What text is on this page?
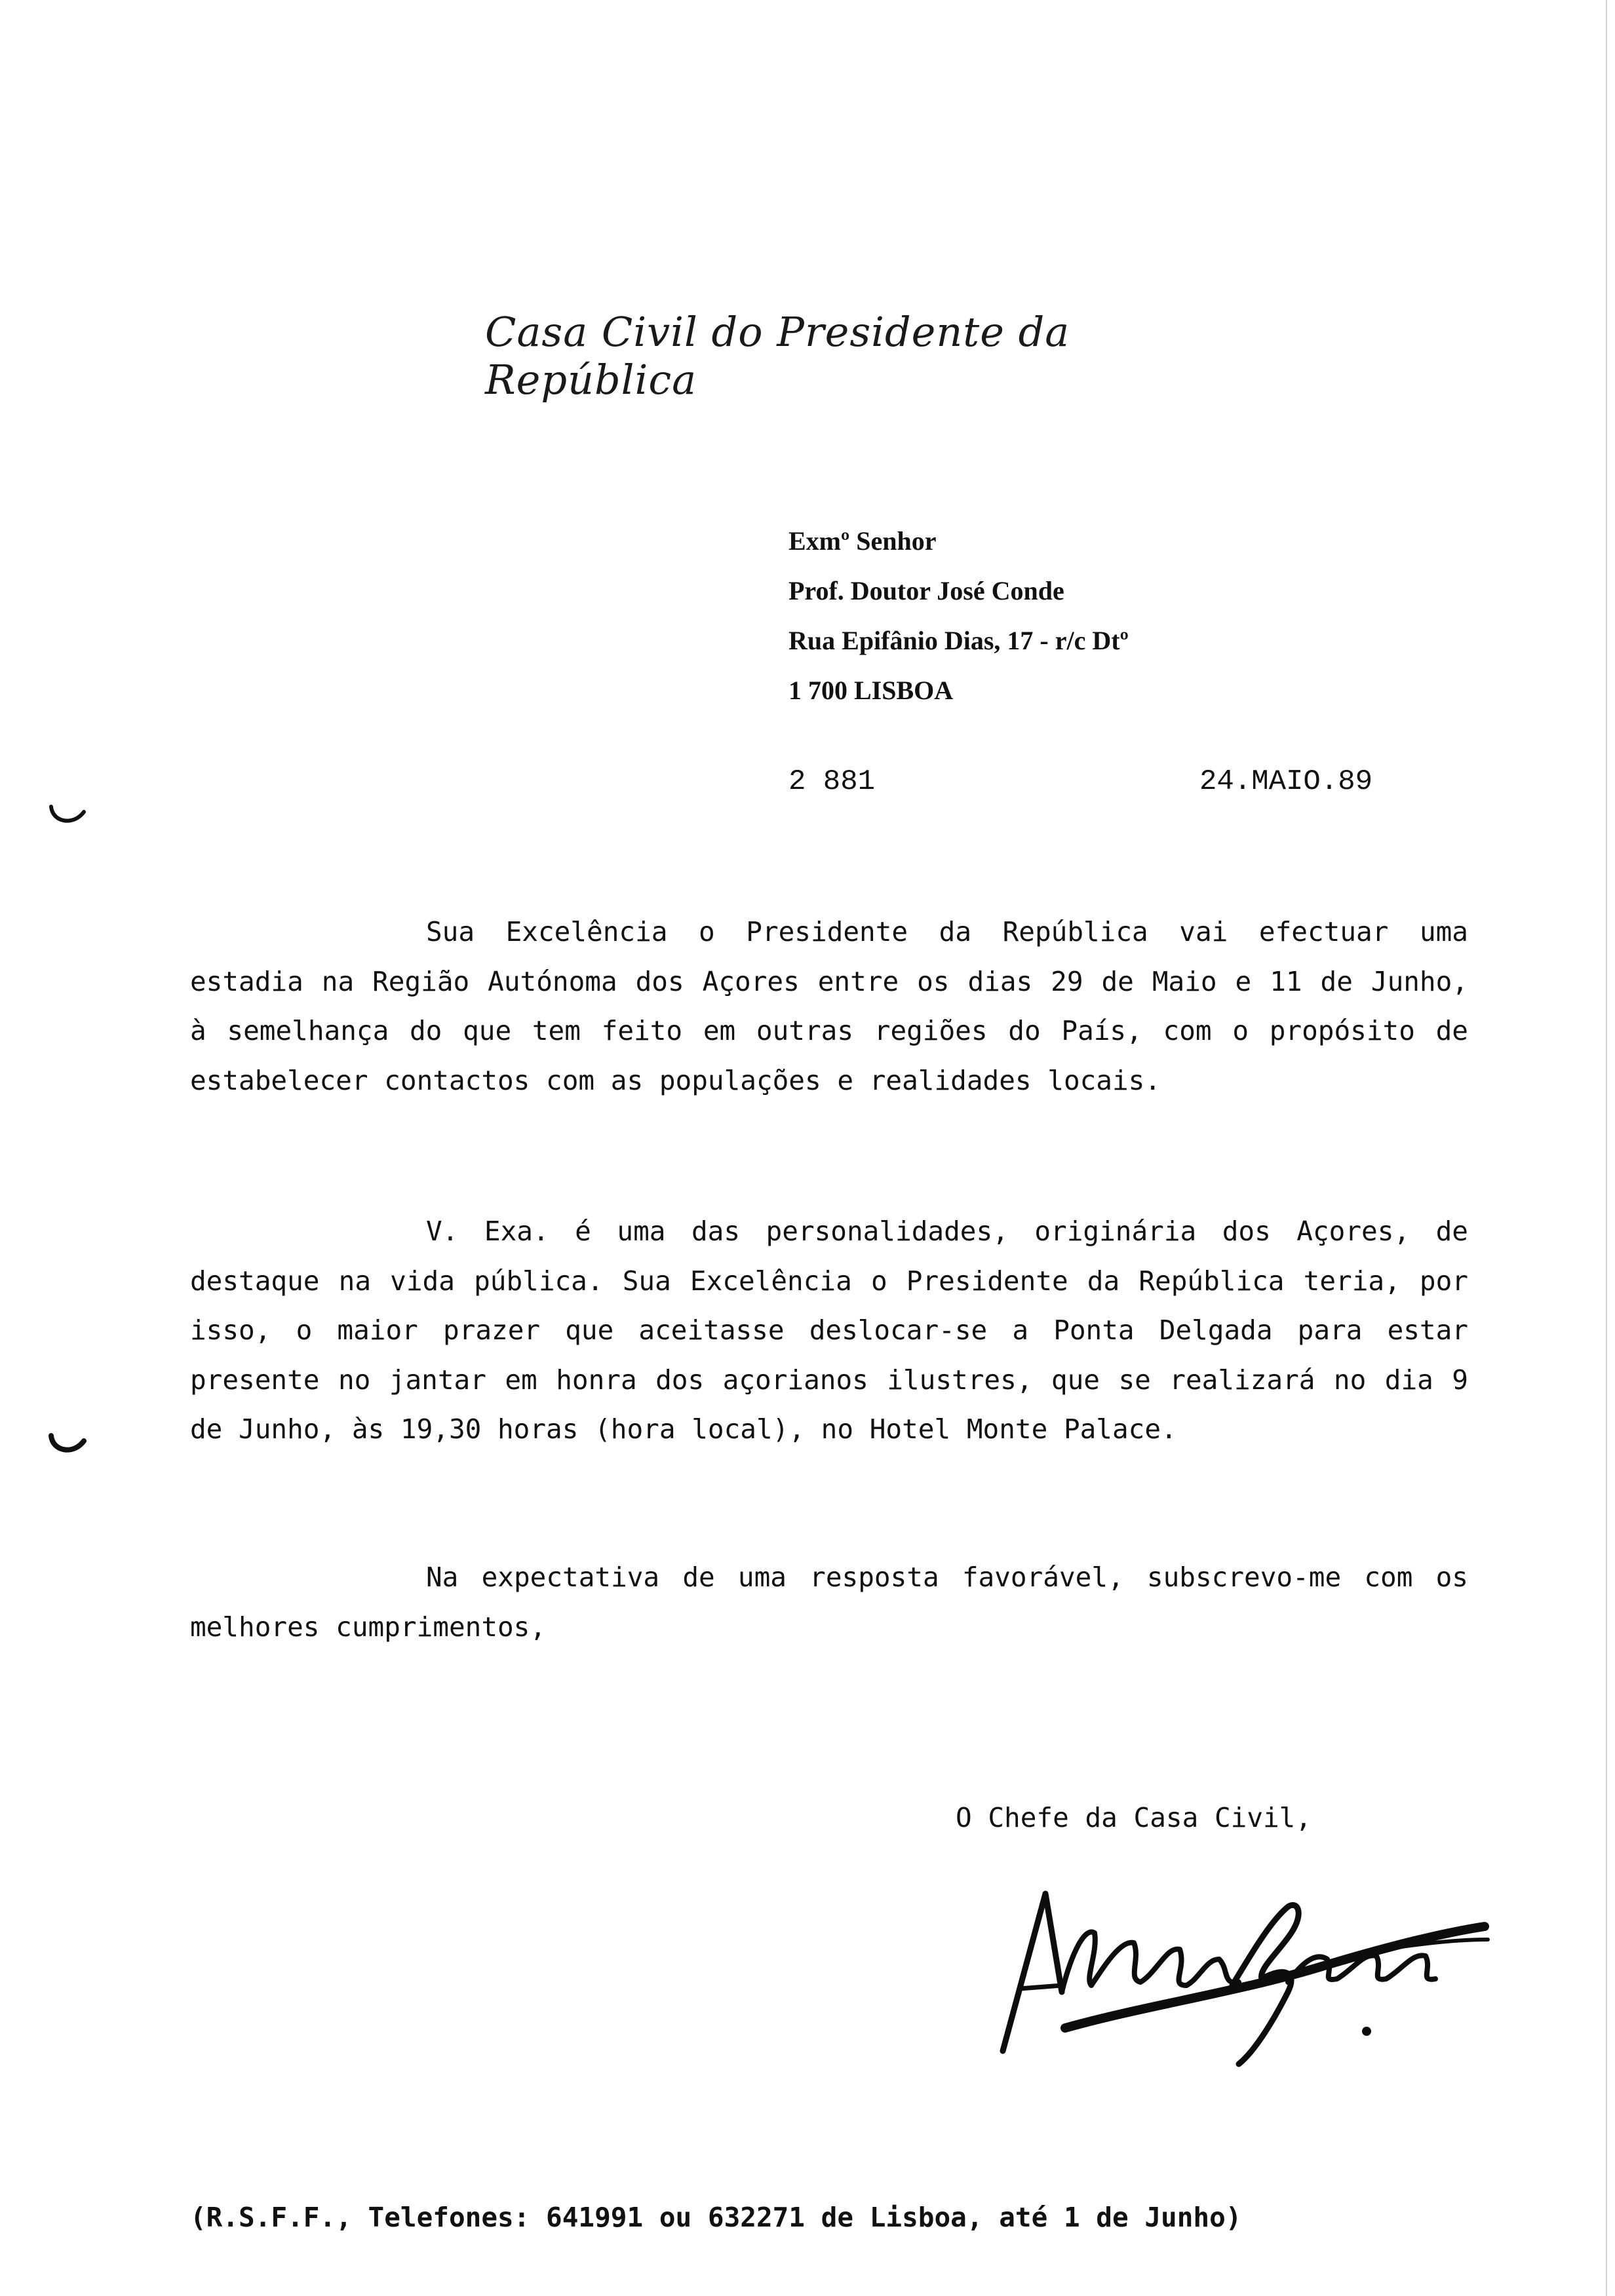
Casa Civil do Presidente da República
Exmº Senhor
Prof. Doutor José Conde
Rua Epifânio Dias, 17 - r/c Dtº
1 700 LISBOA
2 881	24.MAIO.89
Sua Excelência o Presidente da República vai efectuar uma estadia na Região Autónoma dos Açores entre os dias 29 de Maio e 11 de Junho, à semelhança do que tem feito em outras regiões do País, com o propósito de estabelecer contactos com as populações e realidades locais.
V. Exa. é uma das personalidades, originária dos Açores, de destaque na vida pública. Sua Excelência o Presidente da República teria, por isso, o maior prazer que aceitasse deslocar-se a Ponta Delgada para estar presente no jantar em honra dos açorianos ilustres, que se realizará no dia 9 de Junho, às 19,30 horas (hora local), no Hotel Monte Palace.
Na expectativa de uma resposta favorável, subscrevo-me com os melhores cumprimentos,
O Chefe da Casa Civil,
(R.S.F.F., Telefones: 641991 ou 632271 de Lisboa, até 1 de Junho)
